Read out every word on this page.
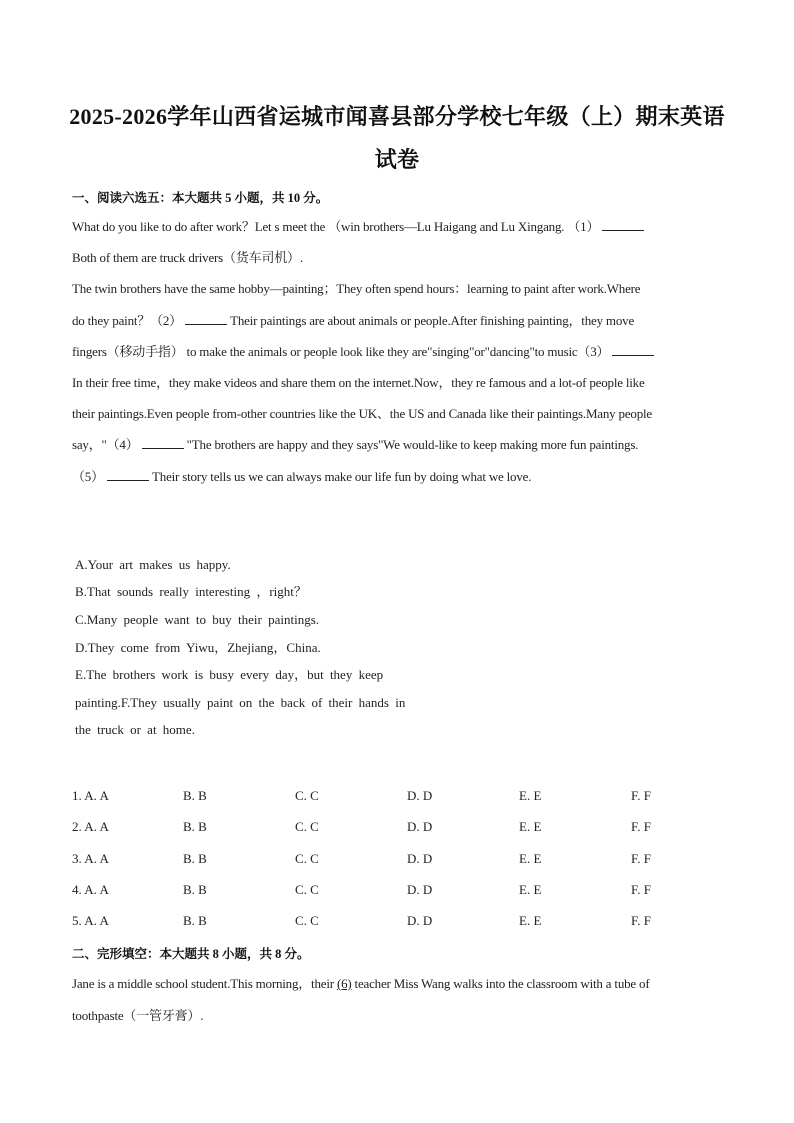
2025-2026学年山西省运城市闻喜县部分学校七年级（上）期末英语
试卷
一、阅读六选五：本大题共 5 小题，共 10 分。
What do you like to do after work？Let s meet the （win brothers—Lu Haigang and Lu Xingang. （1）
Both of them are truck drivers（货车司机）.
The twin brothers have the same hobby—painting；They often spend hours：learning to paint after work.Where
do they paint？（2）	Their paintings are about animals or people.After finishing painting，they move
fingers（移动手指） to make the animals or people look like they are"singing"or"dancing"to music（3）
In their free time，they make videos and share them on the internet.Now，they re famous and a lot-of people like
their paintings.Even people from-other countries like the UK、the US and Canada like their paintings.Many people
say，"（4）	"The brothers are happy and they says"We would-like to keep making more fun paintings.
（5）	Their story tells us we can always make our life fun by doing what we love.
A.Your art makes us happy.
B.That sounds really interesting ，right？
C.Many people want to buy their paintings.
D.They come from Yiwu，Zhejiang，China.
E.The brothers work is busy every day，but they keep
painting.F.They usually paint on the back of their hands in
the truck or at home.
1. A. A	B. B	C. C	D. D	E. E	F. F
2. A. A	B. B	C. C	D. D	E. E	F. F
3. A. A	B. B	C. C	D. D	E. E	F. F
4. A. A	B. B	C. C	D. D	E. E	F. F
5. A. A	B. B	C. C	D. D	E. E	F. F
二、完形填空：本大题共 8 小题，共 8 分。
Jane is a middle school student.This morning，their (6) teacher Miss Wang walks into the classroom with a tube of
toothpaste（一管牙膏）.
